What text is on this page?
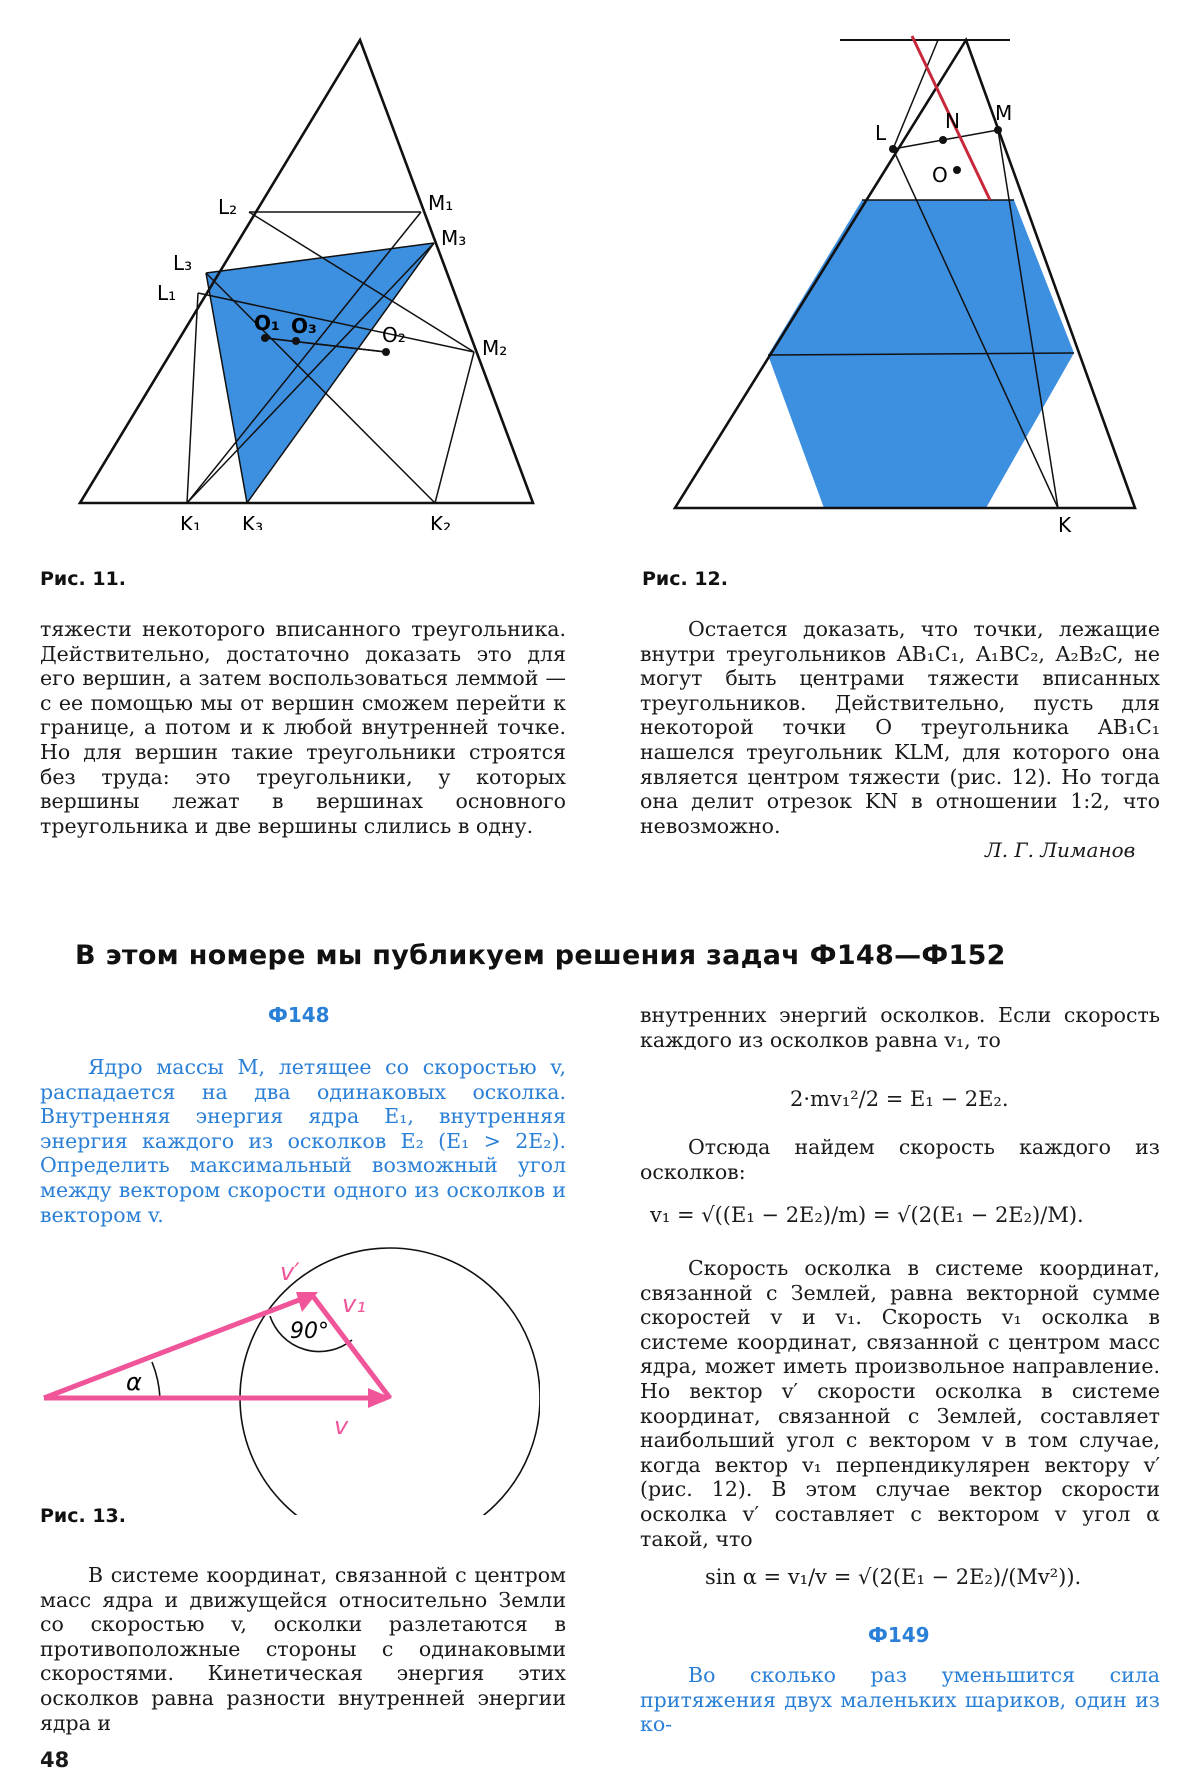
L₂
L₃
L₁
M₁
M₃
M₂
O₁ O₃	O₂
K₁ K₃	K₂
L	N M
O
K
Рис. 11.	Рис. 12.
тяжести некоторого вписанного треугольника. Действительно, достаточно доказать это для его вершин, а затем воспользоваться леммой — с ее помощью мы от вершин сможем перейти к границе, а потом и к любой внутренней точке. Но для вершин такие треугольники строятся без труда: это треугольники, у которых вершины лежат в вершинах основного треугольника и две вершины слились в одну.
Остается доказать, что точки, лежащие внутри треугольников AB₁C₁, A₁BC₂, A₂B₂C, не могут быть центрами тяжести вписанных треугольников. Действительно, пусть для некоторой точки O треугольника AB₁C₁ нашелся треугольник KLM, для которого она является центром тяжести (рис. 12). Но тогда она делит отрезок KN в отношении 1:2, что невозможно.
Л. Г. Лиманов
В этом номере мы публикуем решения задач Ф148—Ф152
Ф148
Ядро массы M, летящее со скоростью v, распадается на два одинаковых осколка. Внутренняя энергия ядра E₁, внутренняя энергия каждого из осколков E₂ (E₁ > 2E₂). Определить максимальный возможный угол между вектором скорости одного из осколков и вектором v.
v′
v₁
90°
α
v
Рис. 13.
В системе координат, связанной с центром масс ядра и движущейся относительно Земли со скоростью v, осколки разлетаются в противоположные стороны с одинаковыми скоростями. Кинетическая энергия этих осколков равна разности внутренней энергии ядра и
внутренних энергий осколков. Если скорость каждого из осколков равна v₁, то
2·mv₁²/2 = E₁ − 2E₂.
Отсюда найдем скорость каждого из осколков:
v₁ = √((E₁ − 2E₂)/m) = √(2(E₁ − 2E₂)/M).
Скорость осколка в системе координат, связанной с Землей, равна векторной сумме скоростей v и v₁. Скорость v₁ осколка в системе координат, связанной с центром масс ядра, может иметь произвольное направление. Но вектор v′ скорости осколка в системе координат, связанной с Землей, составляет наибольший угол с вектором v в том случае, когда вектор v₁ перпендикулярен вектору v′ (рис. 12). В этом случае вектор скорости осколка v′ составляет с вектором v угол α такой, что
sin α = v₁/v = √(2(E₁ − 2E₂)/(Mv²)).
Ф149
Во сколько раз уменьшится сила притяжения двух маленьких шариков, один из ко-
48
